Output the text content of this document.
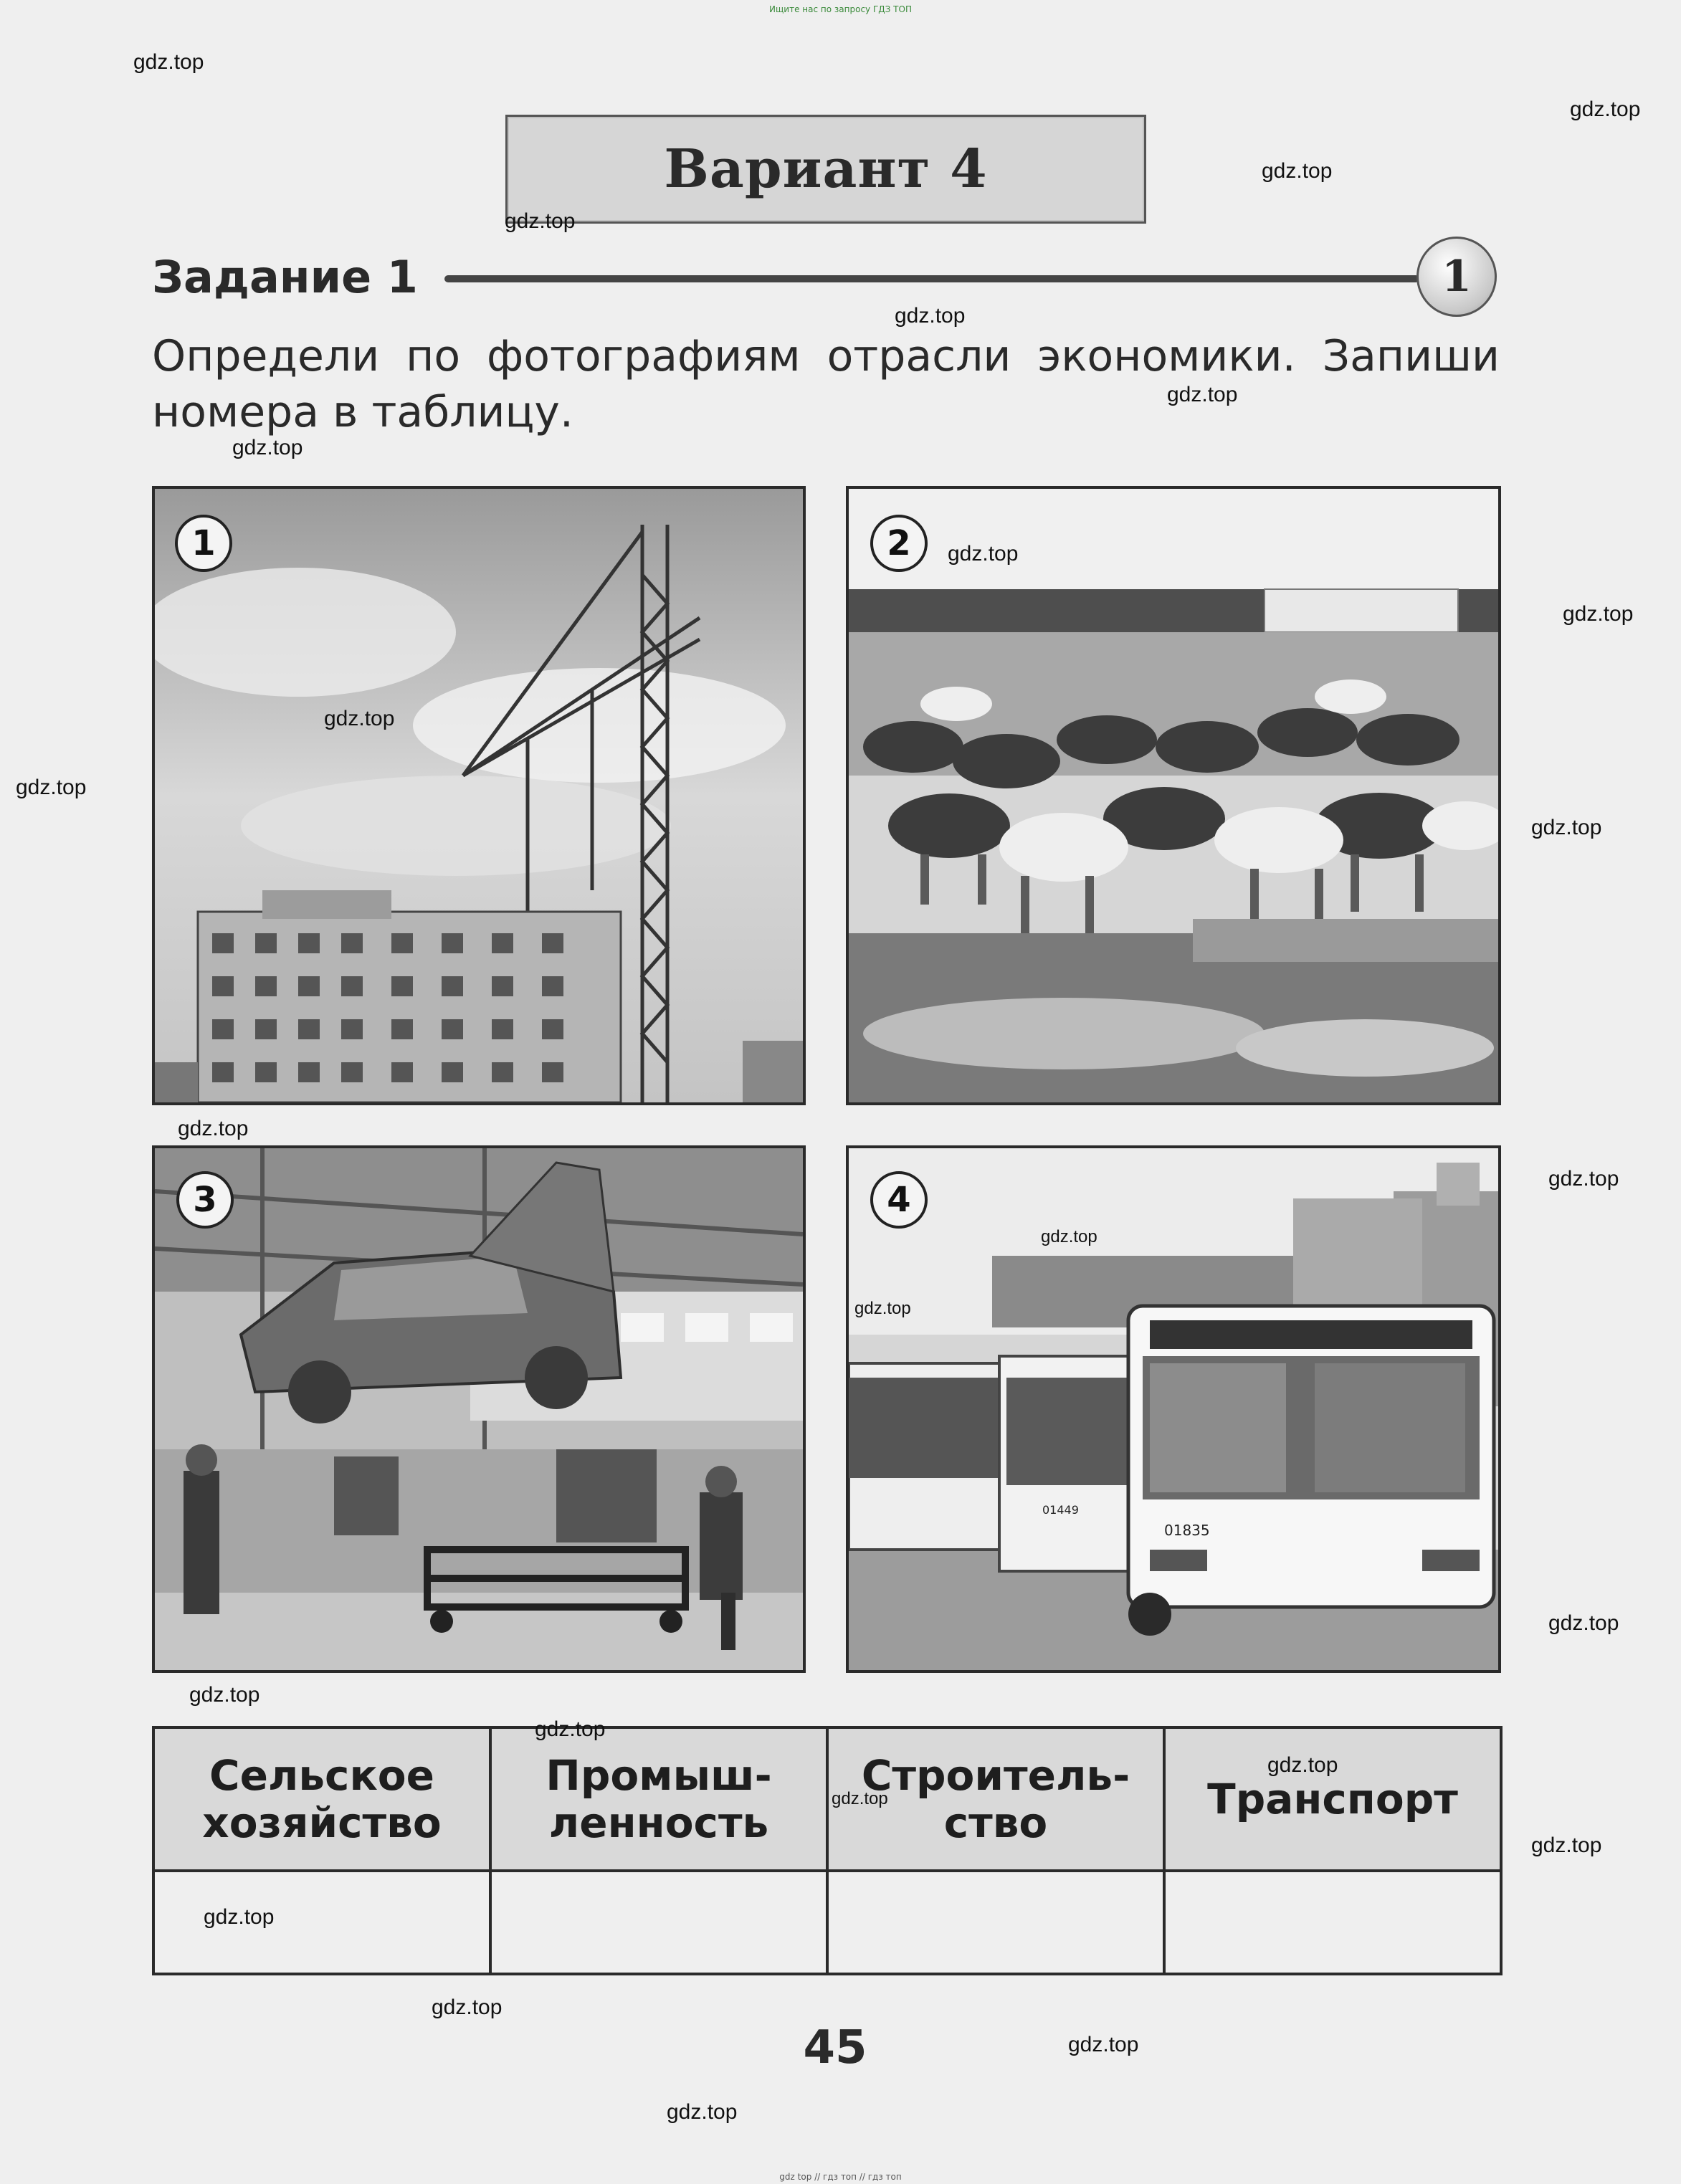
Ищите нас по запросу ГДЗ ТОП
Вариант 4
Задание 1	1
Определи по фотографиям отрасли экономики. Запиши номера в таблицу.
1	2
3
01449
01835
4
Сельское хозяйство	Промыш- ленность	Строитель- ство	Транспорт

45
gdz.top
gdz.top
gdz.top
gdz.top
gdz.top
gdz.top
gdz.top
gdz.top
gdz.top
gdz.top
gdz.top
gdz.top
gdz.top
gdz.top
gdz.top
gdz.top
gdz.top
gdz.top
gdz.top
gdz.top
gdz.top
gdz.top
gdz.top
gdz.top
gdz.top
gdz.top
gdz top // гдз топ // гдз топ
